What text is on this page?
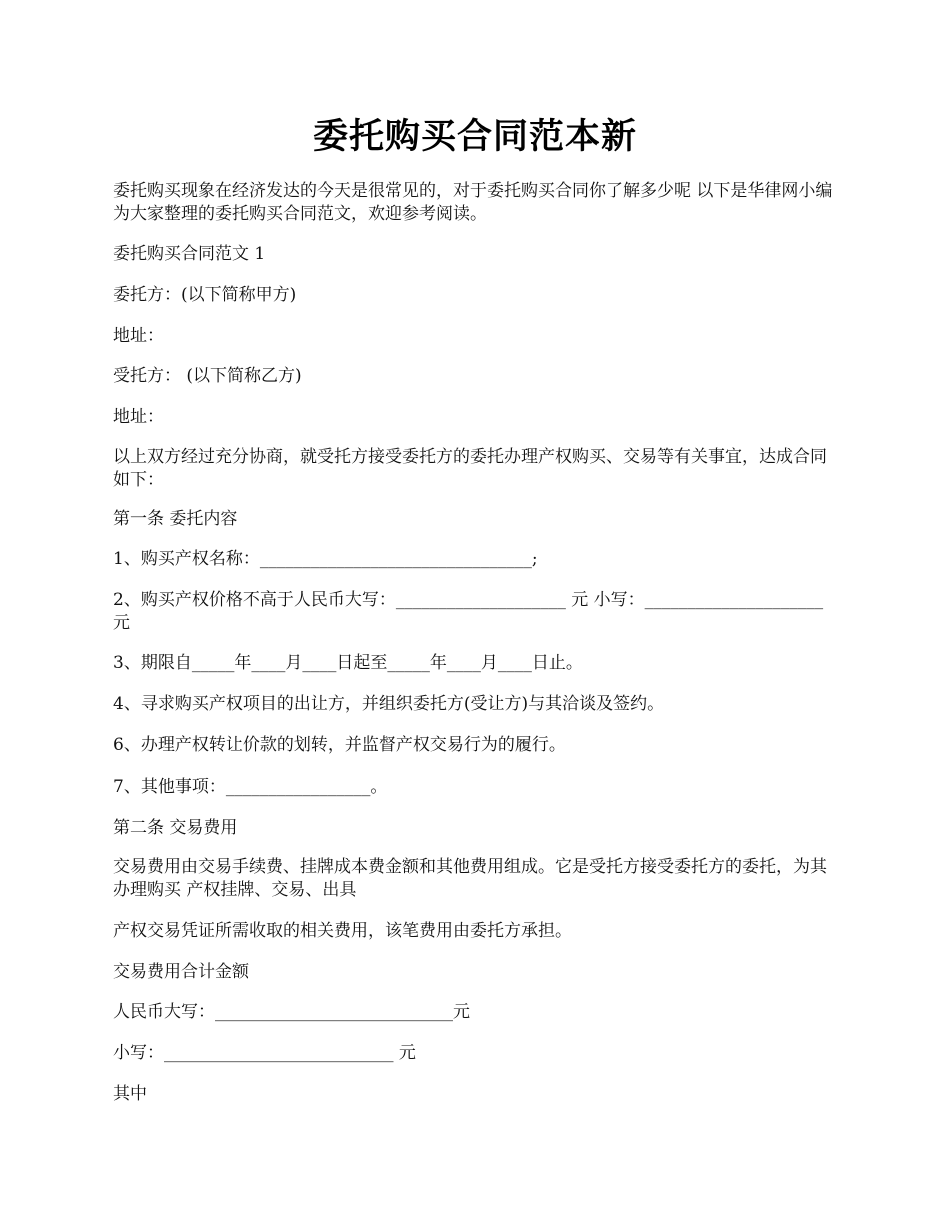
委托购买合同范本新

委托购买现象在经济发达的今天是很常见的，对于委托购买合同你了解多少呢 以下是华律网小编为大家整理的委托购买合同范文，欢迎参考阅读。

委托购买合同范文 1

委托方：(以下简称甲方)

地址：

受托方： (以下简称乙方)

地址：

以上双方经过充分协商，就受托方接受委托方的委托办理产权购买、交易等有关事宜，达成合同如下：

第一条 委托内容

1、购买产权名称：________________________________;

2、购买产权价格不高于人民币大写：____________________ 元 小写：_____________________ 元

3、期限自_____年____月____日起至_____年____月____日止。

4、寻求购买产权项目的出让方，并组织委托方(受让方)与其洽谈及签约。

6、办理产权转让价款的划转，并监督产权交易行为的履行。

7、其他事项：_________________。

第二条 交易费用

交易费用由交易手续费、挂牌成本费金额和其他费用组成。它是受托方接受委托方的委托，为其办理购买 产权挂牌、交易、出具

产权交易凭证所需收取的相关费用，该笔费用由委托方承担。

交易费用合计金额

人民币大写：____________________________元

小写：___________________________ 元

其中
